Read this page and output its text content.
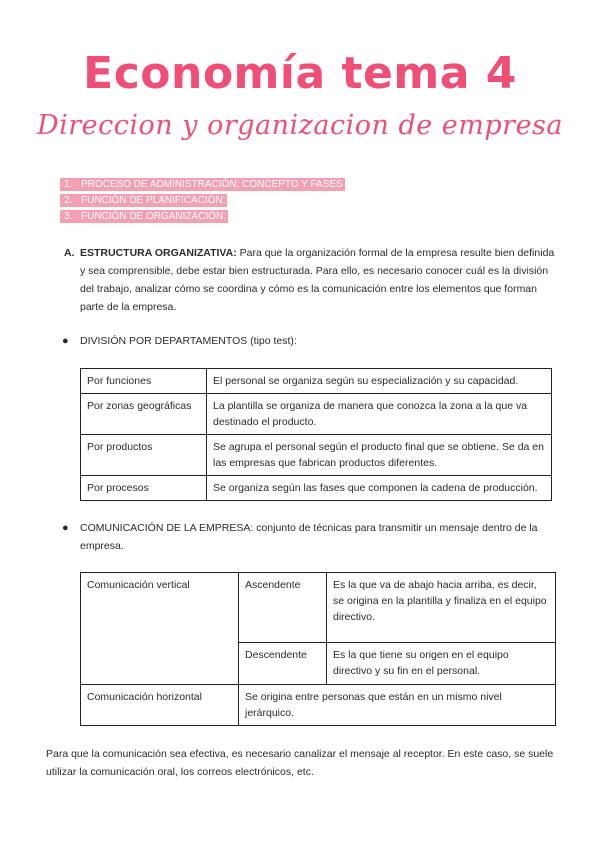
Economía tema 4
Direccion y organizacion de empresa
1. PROCESO DE ADMINISTRACIÓN: CONCEPTO Y FASES
2. FUNCIÓN DE PLANIFICACIÓN:
3. FUNCIÓN DE ORGANIZACIÓN:
A. ESTRUCTURA ORGANIZATIVA: Para que la organización formal de la empresa resulte bien definida y sea comprensible, debe estar bien estructurada. Para ello, es necesario conocer cuál es la división del trabajo, analizar cómo se coordina y cómo es la comunicación entre los elementos que forman parte de la empresa.
● DIVISIÓN POR DEPARTAMENTOS (tipo test):
Por funciones	El personal se organiza según su especialización y su capacidad.
Por zonas geográficas	La plantilla se organiza de manera que conozca la zona a la que va destinado el producto.
Por productos	Se agrupa el personal según el producto final que se obtiene. Se da en las empresas que fabrican productos diferentes.
Por procesos	Se organiza según las fases que componen la cadena de producción.
● COMUNICACIÓN DE LA EMPRESA: conjunto de técnicas para transmitir un mensaje dentro de la empresa.
Comunicación vertical	Ascendente	Es la que va de abajo hacia arriba, es decir, se origina en la plantilla y finaliza en el equipo directivo.
	Descendente	Es la que tiene su origen en el equipo directivo y su fin en el personal.
Comunicación horizontal	Se origina entre personas que están en un mismo nivel jerárquico.	
Para que la comunicación sea efectiva, es necesario canalizar el mensaje al receptor. En este caso, se suele utilizar la comunicación oral, los correos electrónicos, etc.
